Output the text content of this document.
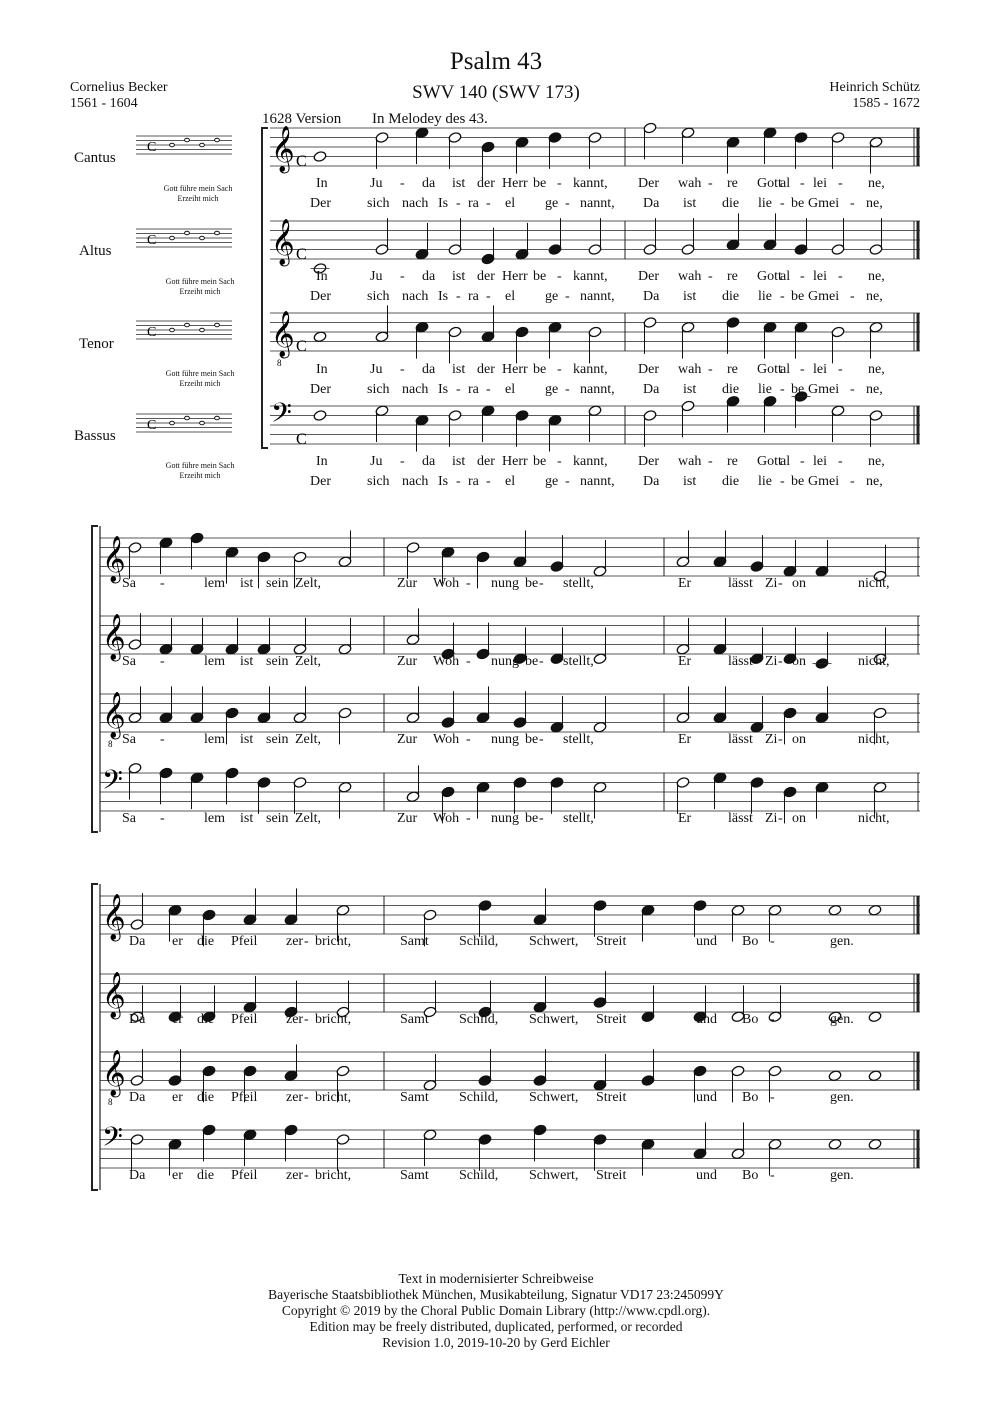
Psalm 43
SWV 140 (SWV 173)
Cornelius Becker
1561 - 1604
Heinrich Schütz
1585 - 1672
1628 Version In Melodey des 43.
Cantus
Altus
Tenor
Bassus
Gott führe mein Sach
Erzeiht mich
Gott führe mein Sach
Erzeiht mich
Gott führe mein Sach
Erzeiht mich
Gott führe mein Sach
Erzeiht mich
𝄞
𝄞
𝄞
8
𝄢
C
C
C
C
C
C
C
C
𝄞
𝄞
𝄞
8
𝄢
𝄞
𝄞
𝄞
8
𝄢
In	Ju - da ist der Herr be - kannt, Der wah - re Gott
al - lei - ne,
Der	sich nach Is - ra - el ge - nannt, Da ist die lie - be Gmei - ne,
In	Ju - da ist der Herr be - kannt, Der wah - re Gott
al - lei - ne,
Der	sich nach Is - ra - el ge - nannt, Da ist die lie - be Gmei - ne,
In	Ju - da ist der Herr be - kannt, Der wah - re Gott
al - lei - ne,
Der	sich nach Is - ra - el ge - nannt, Da ist die lie - be Gmei - ne,
In	Ju - da ist der Herr be - kannt, Der wah - re Gott
al - lei - ne,
Der	sich nach Is - ra - el ge - nannt, Da ist die lie - be Gmei - ne,
Sa -	lem ist sein Zelt,	Zur Woh - nung be - stellt,	Er	lässt Zi - on	nicht,
Sa -	lem ist sein Zelt,	Zur Woh - nung be - stellt,	Er	lässt Zi - on	nicht,
Sa -	lem ist sein Zelt,	Zur Woh - nung be - stellt,	Er	lässt Zi - on	nicht,
Sa -	lem ist sein Zelt,	Zur Woh - nung be - stellt,	Er	lässt Zi - on	nicht,
Da er die Pfeil zer - bricht,	Samt Schild, Schwert, Streit	und Bo -	gen.
Da er die Pfeil zer - bricht,	Samt Schild, Schwert, Streit	und Bo -	gen.
Da er die Pfeil zer - bricht,	Samt Schild, Schwert, Streit	und Bo -	gen.
Da er die Pfeil zer - bricht,	Samt Schild, Schwert, Streit	und Bo -	gen.
Text in modernisierter Schreibweise
Bayerische Staatsbibliothek München, Musikabteilung, Signatur VD17 23:245099Y
Copyright © 2019 by the Choral Public Domain Library (http://www.cpdl.org).
Edition may be freely distributed, duplicated, performed, or recorded
Revision 1.0, 2019-10-20 by Gerd Eichler
